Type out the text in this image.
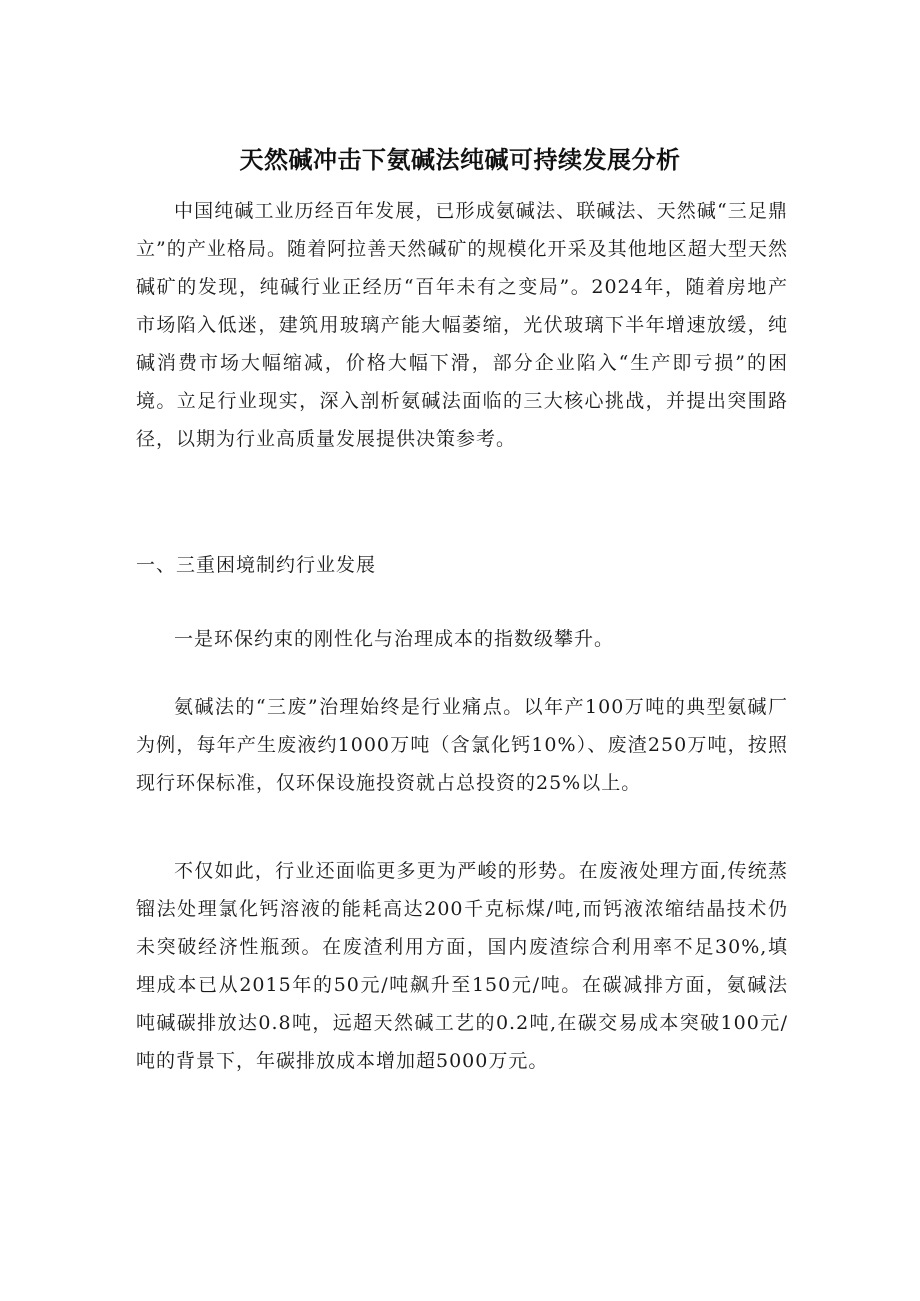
天然碱冲击下氨碱法纯碱可持续发展分析

中国纯碱工业历经百年发展，已形成氨碱法、联碱法、天然碱“三足鼎立”的产业格局。随着阿拉善天然碱矿的规模化开采及其他地区超大型天然碱矿的发现，纯碱行业正经历“百年未有之变局”。2024年，随着房地产市场陷入低迷，建筑用玻璃产能大幅萎缩，光伏玻璃下半年增速放缓，纯碱消费市场大幅缩减，价格大幅下滑，部分企业陷入“生产即亏损”的困境。立足行业现实，深入剖析氨碱法面临的三大核心挑战，并提出突围路径，以期为行业高质量发展提供决策参考。

一、三重困境制约行业发展

一是环保约束的刚性化与治理成本的指数级攀升。

氨碱法的“三废”治理始终是行业痛点。以年产100万吨的典型氨碱厂为例，每年产生废液约1000万吨（含氯化钙10%）、废渣250万吨，按照现行环保标准，仅环保设施投资就占总投资的25%以上。

不仅如此，行业还面临更多更为严峻的形势。在废液处理方面,传统蒸镏法处理氯化钙溶液的能耗高达200千克标煤/吨,而钙液浓缩结晶技术仍未突破经济性瓶颈。在废渣利用方面，国内废渣综合利用率不足30%,填埋成本已从2015年的50元/吨飙升至150元/吨。在碳减排方面，氨碱法吨碱碳排放达0.8吨，远超天然碱工艺的0.2吨,在碳交易成本突破100元/吨的背景下，年碳排放成本增加超5000万元。
